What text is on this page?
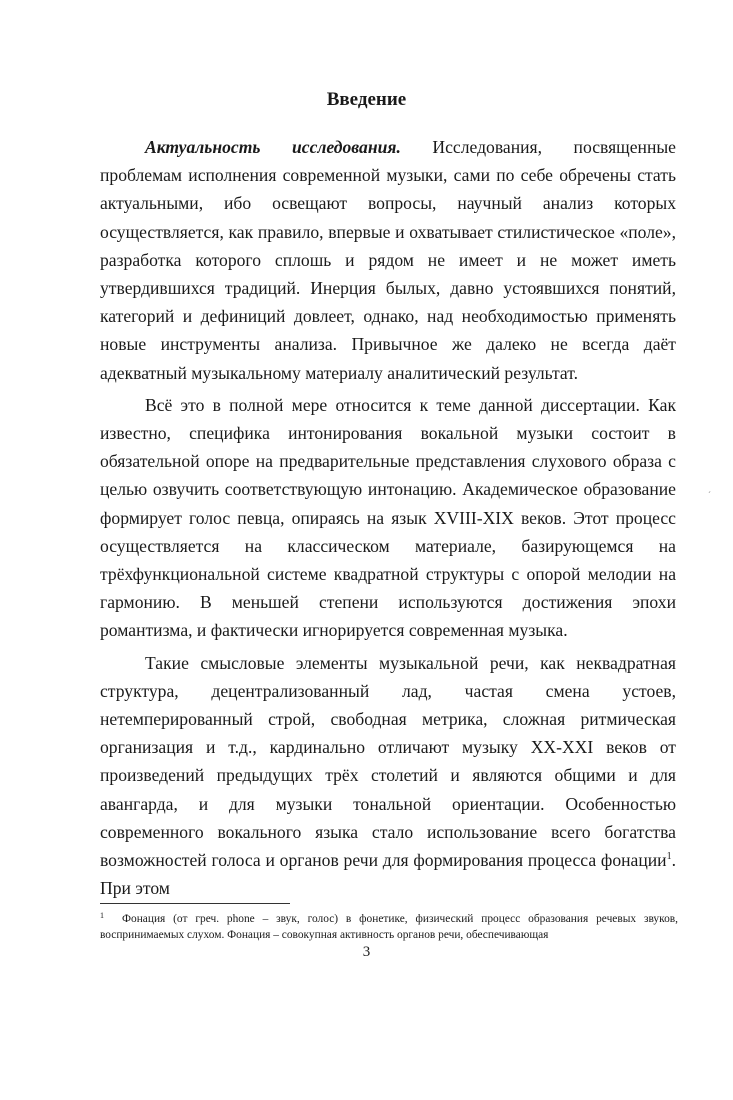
Введение

Актуальность исследования. Исследования, посвященные проблемам исполнения современной музыки, сами по себе обречены стать актуальными, ибо освещают вопросы, научный анализ которых осуществляется, как правило, впервые и охватывает стилистическое «поле», разработка которого сплошь и рядом не имеет и не может иметь утвердившихся традиций. Инерция былых, давно устоявшихся понятий, категорий и дефиниций довлеет, однако, над необходимостью применять новые инструменты анализа. Привычное же далеко не всегда даёт адекватный музыкальному материалу аналитический результат.

Всё это в полной мере относится к теме данной диссертации. Как известно, специфика интонирования вокальной музыки состоит в обязательной опоре на предварительные представления слухового образа с целью озвучить соответствующую интонацию. Академическое образование формирует голос певца, опираясь на язык XVIII-XIX веков. Этот процесс осуществляется на классическом материале, базирующемся на трёхфункциональной системе квадратной структуры с опорой мелодии на гармонию. В меньшей степени используются достижения эпохи романтизма, и фактически игнорируется современная музыка.

Такие смысловые элементы музыкальной речи, как неквадратная структура, децентрализованный лад, частая смена устоев, нетемперированный строй, свободная метрика, сложная ритмическая организация и т.д., кардинально отличают музыку XX-XXI веков от произведений предыдущих трёх столетий и являются общими и для авангарда, и для музыки тональной ориентации. Особенностью современного вокального языка стало использование всего богатства возможностей голоса и органов речи для формирования процесса фонации$^1$. При этом

ˊ
1 Фонация (от греч. phone – звук, голос) в фонетике, физический процесс образования речевых звуков, воспринимаемых слухом. Фонация – совокупная активность органов речи, обеспечивающая
3
